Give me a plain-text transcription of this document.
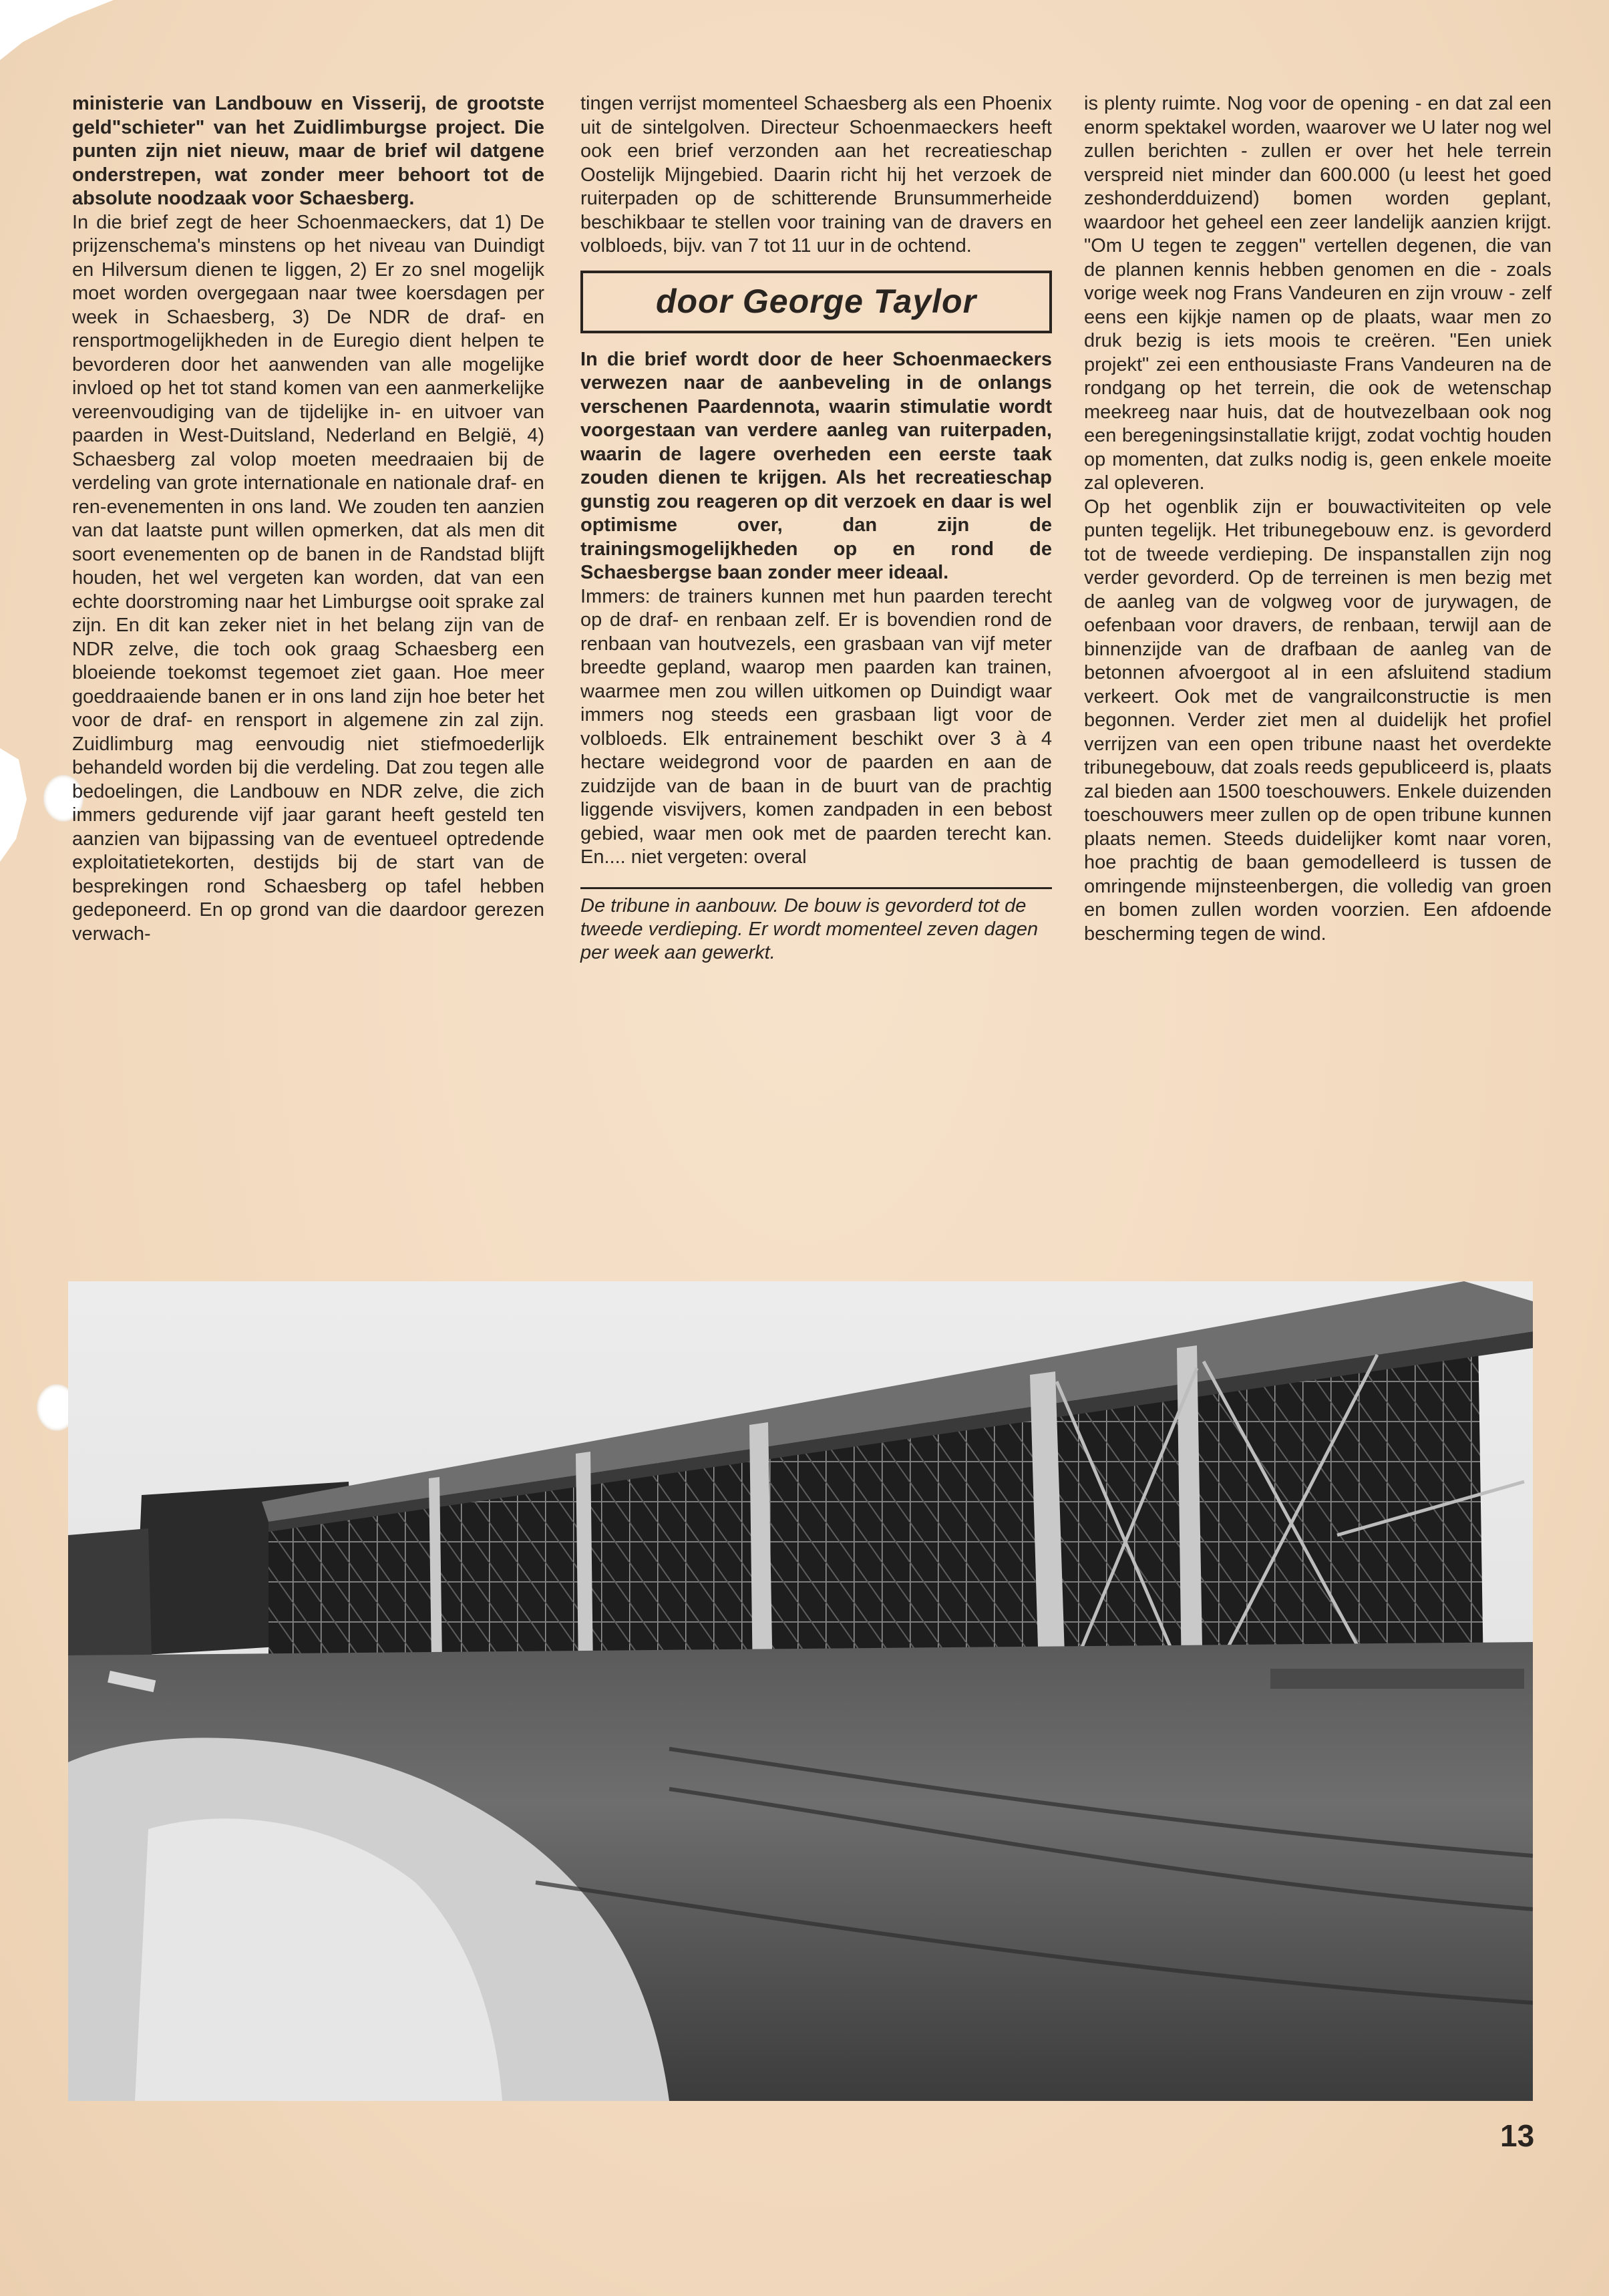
ministerie van Landbouw en Visserij, de grootste geld"schieter" van het Zuidlimburgse project. Die punten zijn niet nieuw, maar de brief wil datgene onderstrepen, wat zonder meer behoort tot de absolute noodzaak voor Schaesberg.

In die brief zegt de heer Schoenmaeckers, dat 1) De prijzenschema's minstens op het niveau van Duindigt en Hilversum dienen te liggen, 2) Er zo snel mogelijk moet worden overgegaan naar twee koersdagen per week in Schaesberg, 3) De NDR de draf- en rensportmogelijkheden in de Euregio dient helpen te bevorderen door het aanwenden van alle mogelijke invloed op het tot stand komen van een aanmerkelijke vereenvoudiging van de tijdelijke in- en uitvoer van paarden in West-Duitsland, Nederland en België, 4) Schaesberg zal volop moeten meedraaien bij de verdeling van grote internationale en nationale draf- en ren-evenementen in ons land. We zouden ten aanzien van dat laatste punt willen opmerken, dat als men dit soort evenementen op de banen in de Randstad blijft houden, het wel vergeten kan worden, dat van een echte doorstroming naar het Limburgse ooit sprake zal zijn. En dit kan zeker niet in het belang zijn van de NDR zelve, die toch ook graag Schaesberg een bloeiende toekomst tegemoet ziet gaan. Hoe meer goeddraaiende banen er in ons land zijn hoe beter het voor de draf- en rensport in algemene zin zal zijn. Zuidlimburg mag eenvoudig niet stiefmoederlijk behandeld worden bij die verdeling. Dat zou tegen alle bedoelingen, die Landbouw en NDR zelve, die zich immers gedurende vijf jaar garant heeft gesteld ten aanzien van bijpassing van de eventueel optredende exploitatietekorten, destijds bij de start van de besprekingen rond Schaesberg op tafel hebben gedeponeerd. En op grond van die daardoor gerezen verwach-

tingen verrijst momenteel Schaesberg als een Phoenix uit de sintelgolven. Directeur Schoenmaeckers heeft ook een brief verzonden aan het recreatieschap Oostelijk Mijngebied. Daarin richt hij het verzoek de ruiterpaden op de schitterende Brunsummerheide beschikbaar te stellen voor training van de dravers en volbloeds, bijv. van 7 tot 11 uur in de ochtend.

door George Taylor

In die brief wordt door de heer Schoenmaeckers verwezen naar de aanbeveling in de onlangs verschenen Paardennota, waarin stimulatie wordt voorgestaan van verdere aanleg van ruiterpaden, waarin de lagere overheden een eerste taak zouden dienen te krijgen. Als het recreatieschap gunstig zou reageren op dit verzoek en daar is wel optimisme over, dan zijn de trainingsmogelijkheden op en rond de Schaesbergse baan zonder meer ideaal.

Immers: de trainers kunnen met hun paarden terecht op de draf- en renbaan zelf. Er is bovendien rond de renbaan van houtvezels, een grasbaan van vijf meter breedte gepland, waarop men paarden kan trainen, waarmee men zou willen uitkomen op Duindigt waar immers nog steeds een grasbaan ligt voor de volbloeds. Elk entrainement beschikt over 3 à 4 hectare weidegrond voor de paarden en aan de zuidzijde van de baan in de buurt van de prachtig liggende visvijvers, komen zandpaden in een bebost gebied, waar men ook met de paarden terecht kan. En.... niet vergeten: overal

De tribune in aanbouw. De bouw is gevorderd tot de tweede verdieping. Er wordt momenteel zeven dagen per week aan gewerkt.

is plenty ruimte. Nog voor de opening - en dat zal een enorm spektakel worden, waarover we U later nog wel zullen berichten - zullen er over het hele terrein verspreid niet minder dan 600.000 (u leest het goed zeshonderdduizend) bomen worden geplant, waardoor het geheel een zeer landelijk aanzien krijgt. "Om U tegen te zeggen" vertellen degenen, die van de plannen kennis hebben genomen en die - zoals vorige week nog Frans Vandeuren en zijn vrouw - zelf eens een kijkje namen op de plaats, waar men zo druk bezig is iets moois te creëren. "Een uniek projekt" zei een enthousiaste Frans Vandeuren na de rondgang op het terrein, die ook de wetenschap meekreeg naar huis, dat de houtvezelbaan ook nog een beregeningsinstallatie krijgt, zodat vochtig houden op momenten, dat zulks nodig is, geen enkele moeite zal opleveren.

Op het ogenblik zijn er bouwactiviteiten op vele punten tegelijk. Het tribunegebouw enz. is gevorderd tot de tweede verdieping. De inspanstallen zijn nog verder gevorderd. Op de terreinen is men bezig met de aanleg van de volgweg voor de jurywagen, de oefenbaan voor dravers, de renbaan, terwijl aan de binnenzijde van de drafbaan de aanleg van de betonnen afvoergoot al in een afsluitend stadium verkeert. Ook met de vangrailconstructie is men begonnen. Verder ziet men al duidelijk het profiel verrijzen van een open tribune naast het overdekte tribunegebouw, dat zoals reeds gepubliceerd is, plaats zal bieden aan 1500 toeschouwers. Enkele duizenden toeschouwers meer zullen op de open tribune kunnen plaats nemen. Steeds duidelijker komt naar voren, hoe prachtig de baan gemodelleerd is tussen de omringende mijnsteenbergen, die volledig van groen en bomen zullen worden voorzien. Een afdoende bescherming tegen de wind.

13
